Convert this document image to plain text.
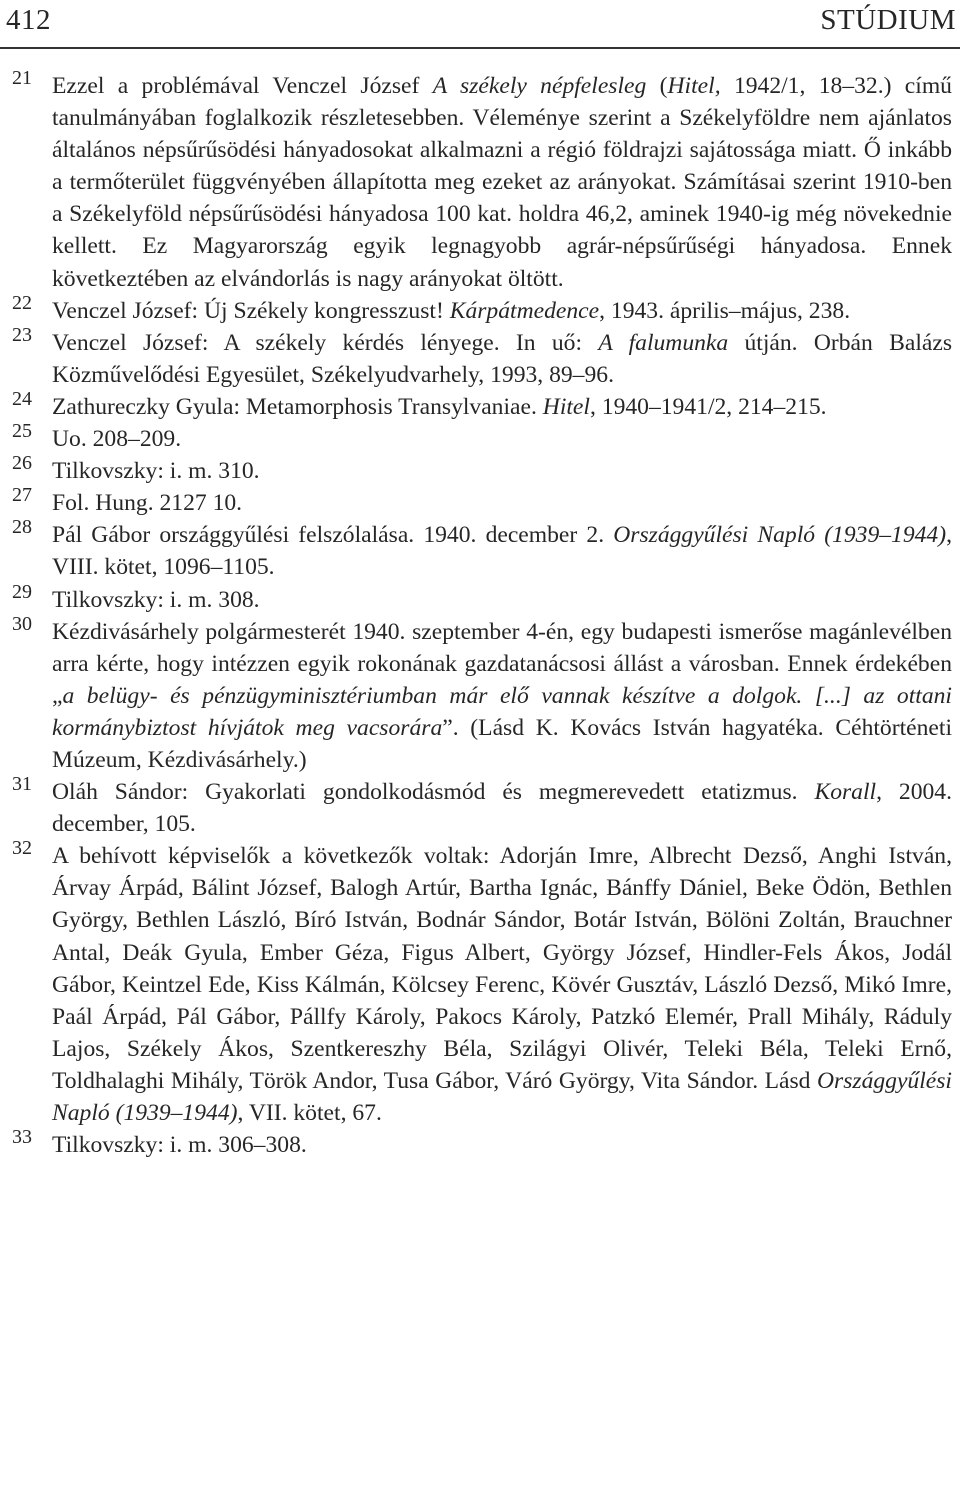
412	STÚDIUM
21 Ezzel a problémával Venczel József A székely népfelesleg (Hitel, 1942/1, 18–32.) című tanulmányában foglalkozik részletesebben. Véleménye szerint a Székelyföldre nem ajánlatos általános népsűrűsödési hányadosokat alkalmazni a régió földrajzi sajátossága miatt. Ő inkább a termőterület függvényében állapította meg ezeket az arányokat. Számításai szerint 1910-ben a Székelyföld népsűrűsödési hányadosa 100 kat. holdra 46,2, aminek 1940-ig még növekednie kellett. Ez Magyarország egyik legnagyobb agrár-népsűrűségi hányadosa. Ennek következtében az elvándorlás is nagy arányokat öltött.
22 Venczel József: Új Székely kongresszust! Kárpátmedence, 1943. április–május, 238.
23 Venczel József: A székely kérdés lényege. In uő: A falumunka útján. Orbán Balázs Közművelődési Egyesület, Székelyudvarhely, 1993, 89–96.
24 Zathureczky Gyula: Metamorphosis Transylvaniae. Hitel, 1940–1941/2, 214–215.
25 Uo. 208–209.
26 Tilkovszky: i. m. 310.
27 Fol. Hung. 2127 10.
28 Pál Gábor országgyűlési felszólalása. 1940. december 2. Országgyűlési Napló (1939–1944), VIII. kötet, 1096–1105.
29 Tilkovszky: i. m. 308.
30 Kézdivásárhely polgármesterét 1940. szeptember 4-én, egy budapesti ismerőse magánlevélben arra kérte, hogy intézzen egyik rokonának gazdatanácsosi állást a városban. Ennek érdekében „a belügy- és pénzügyminisztériumban már elő vannak készítve a dolgok. [...] az ottani kormánybiztost hívjátok meg vacsorára”. (Lásd K. Kovács István hagyatéka. Céhtörténeti Múzeum, Kézdivásárhely.)
31 Oláh Sándor: Gyakorlati gondolkodásmód és megmerevedett etatizmus. Korall, 2004. december, 105.
32 A behívott képviselők a következők voltak: Adorján Imre, Albrecht Dezső, Anghi István, Árvay Árpád, Bálint József, Balogh Artúr, Bartha Ignác, Bánffy Dániel, Beke Ödön, Bethlen György, Bethlen László, Bíró István, Bodnár Sándor, Botár István, Bölöni Zoltán, Brauchner Antal, Deák Gyula, Ember Géza, Figus Albert, György József, Hindler-Fels Ákos, Jodál Gábor, Keintzel Ede, Kiss Kálmán, Kölcsey Ferenc, Kövér Gusztáv, László Dezső, Mikó Imre, Paál Árpád, Pál Gábor, Pállfy Károly, Pakocs Károly, Patzkó Elemér, Prall Mihály, Ráduly Lajos, Székely Ákos, Szentkereszhy Béla, Szilágyi Olivér, Teleki Béla, Teleki Ernő, Toldhalaghi Mihály, Török Andor, Tusa Gábor, Váró György, Vita Sándor. Lásd Országgyűlési Napló (1939–1944), VII. kötet, 67.
33 Tilkovszky: i. m. 306–308.
